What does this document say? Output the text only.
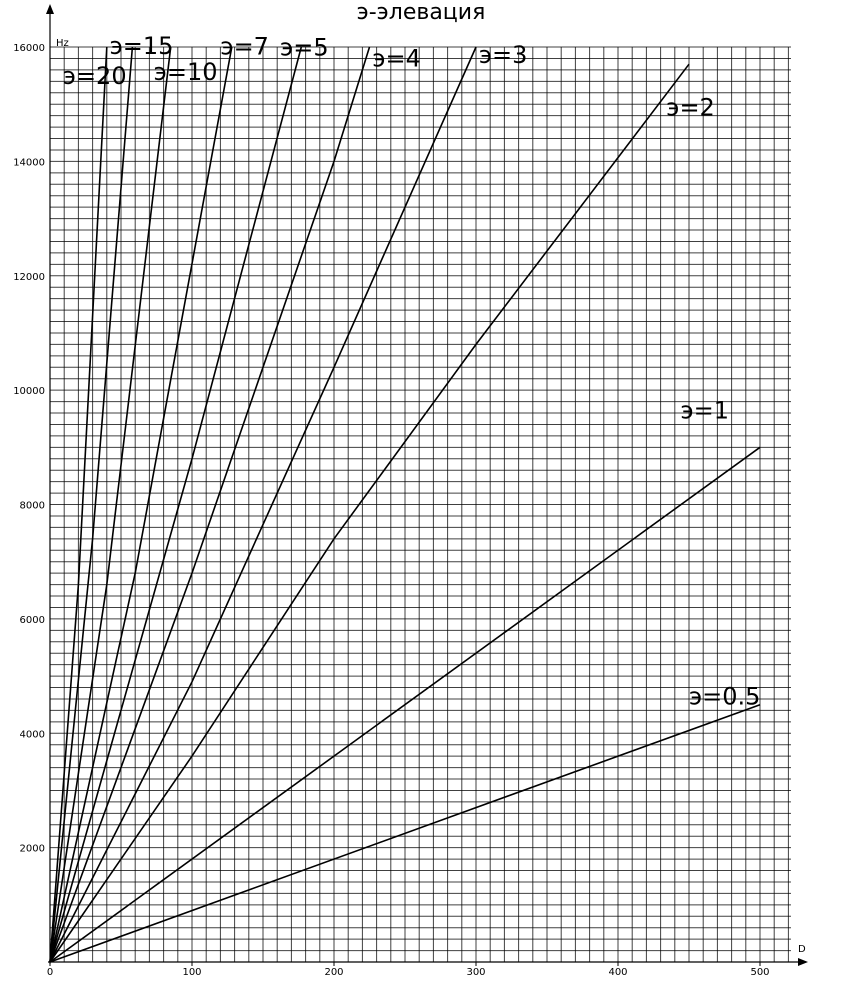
э-элевация
Hz
D
0	100	200	300	400	500
2000
4000
6000
8000
10000
12000
14000
16000
э=0.5
э=1
э=2
э=3
э=4
э=5
э=7
э=10
э=15
э=20
